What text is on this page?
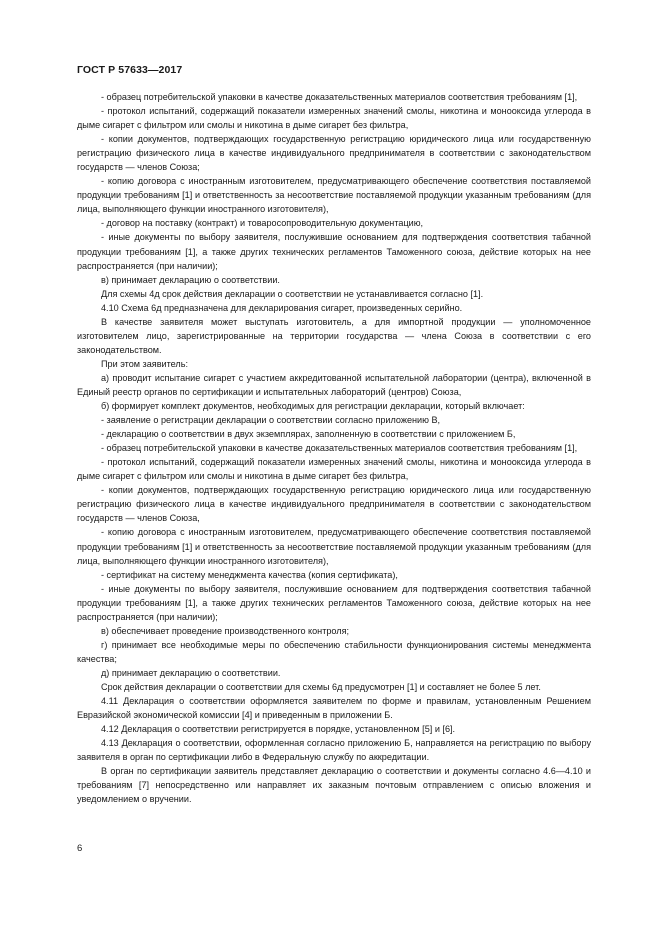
ГОСТ Р 57633—2017

- образец потребительской упаковки в качестве доказательственных материалов соответствия требованиям [1],

- протокол испытаний, содержащий показатели измеренных значений смолы, никотина и монооксида углерода в дыме сигарет с фильтром или смолы и никотина в дыме сигарет без фильтра,

- копии документов, подтверждающих государственную регистрацию юридического лица или государственную регистрацию физического лица в качестве индивидуального предпринимателя в соответствии с законодательством государств — членов Союза;

- копию договора с иностранным изготовителем, предусматривающего обеспечение соответствия поставляемой продукции требованиям [1] и ответственность за несоответствие поставляемой продукции указанным требованиям (для лица, выполняющего функции иностранного изготовителя),

- договор на поставку (контракт) и товаросопроводительную документацию,

- иные документы по выбору заявителя, послужившие основанием для подтверждения соответствия табачной продукции требованиям [1], а также других технических регламентов Таможенного союза, действие которых на нее распространяется (при наличии);

в) принимает декларацию о соответствии.

Для схемы 4д срок действия декларации о соответствии не устанавливается согласно [1].

4.10 Схема 6д предназначена для декларирования сигарет, произведенных серийно.

В качестве заявителя может выступать изготовитель, а для импортной продукции — уполномоченное изготовителем лицо, зарегистрированные на территории государства — члена Союза в соответствии с его законодательством.

При этом заявитель:

а) проводит испытание сигарет с участием аккредитованной испытательной лаборатории (центра), включенной в Единый реестр органов по сертификации и испытательных лабораторий (центров) Союза,

б) формирует комплект документов, необходимых для регистрации декларации, который включает:

- заявление о регистрации декларации о соответствии согласно приложению В,

- декларацию о соответствии в двух экземплярах, заполненную в соответствии с приложением Б,

- образец потребительской упаковки в качестве доказательственных материалов соответствия требованиям [1],

- протокол испытаний, содержащий показатели измеренных значений смолы, никотина и монооксида углерода в дыме сигарет с фильтром или смолы и никотина в дыме сигарет без фильтра,

- копии документов, подтверждающих государственную регистрацию юридического лица или государственную регистрацию физического лица в качестве индивидуального предпринимателя в соответствии с законодательством государств — членов Союза,

- копию договора с иностранным изготовителем, предусматривающего обеспечение соответствия поставляемой продукции требованиям [1] и ответственность за несоответствие поставляемой продукции указанным требованиям (для лица, выполняющего функции иностранного изготовителя),

- сертификат на систему менеджмента качества (копия сертификата),

- иные документы по выбору заявителя, послужившие основанием для подтверждения соответствия табачной продукции требованиям [1], а также других технических регламентов Таможенного союза, действие которых на нее распространяется (при наличии);

в) обеспечивает проведение производственного контроля;

г) принимает все необходимые меры по обеспечению стабильности функционирования системы менеджмента качества;

д) принимает декларацию о соответствии.

Срок действия декларации о соответствии для схемы 6д предусмотрен [1] и составляет не более 5 лет.

4.11 Декларация о соответствии оформляется заявителем по форме и правилам, установленным Решением Евразийской экономической комиссии [4] и приведенным в приложении Б.

4.12 Декларация о соответствии регистрируется в порядке, установленном [5] и [6].

4.13 Декларация о соответствии, оформленная согласно приложению Б, направляется на регистрацию по выбору заявителя в орган по сертификации либо в Федеральную службу по аккредитации.

В орган по сертификации заявитель представляет декларацию о соответствии и документы согласно 4.6—4.10 и требованиям [7] непосредственно или направляет их заказным почтовым отправлением с описью вложения и уведомлением о вручении.

6
